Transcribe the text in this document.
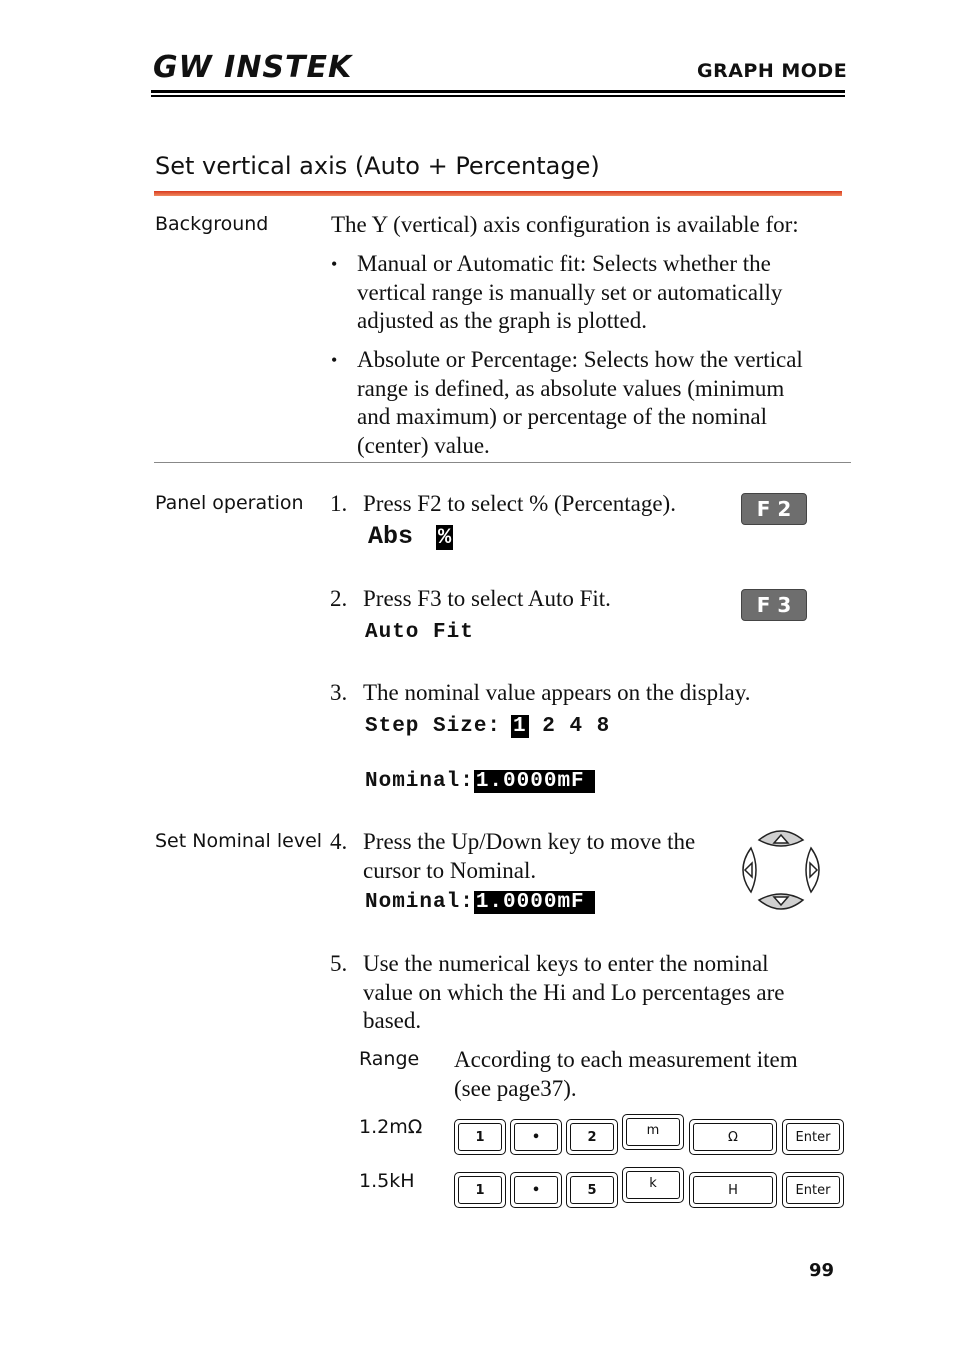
GW INSTEK	GRAPH MODE
Set vertical axis (Auto + Percentage)
Background	The Y (vertical) axis configuration is available for:
• Manual or Automatic fit: Selects whether the
vertical range is manually set or automatically
adjusted as the graph is plotted.
• Absolute or Percentage: Selects how the vertical
range is defined, as absolute values (minimum
and maximum) or percentage of the nominal
(center) value.
Panel operation 1. Press F2 to select % (Percentage).	F 2
Abs %
2. Press F3 to select Auto Fit.	F 3
Auto Fit
3. The nominal value appears on the display.
Step Size: 1 2 4 8
Nominal:1.0000mF
Set Nominal level 4. Press the Up/Down key to move the
cursor to Nominal.
Nominal:1.0000mF
5. Use the numerical keys to enter the nominal
value on which the Hi and Lo percentages are
based.
Range According to each measurement item
(see page37).
1.2mΩ	1	•	2	m	Ω	Enter
1.5kH	1	•	5	k	H	Enter
99
